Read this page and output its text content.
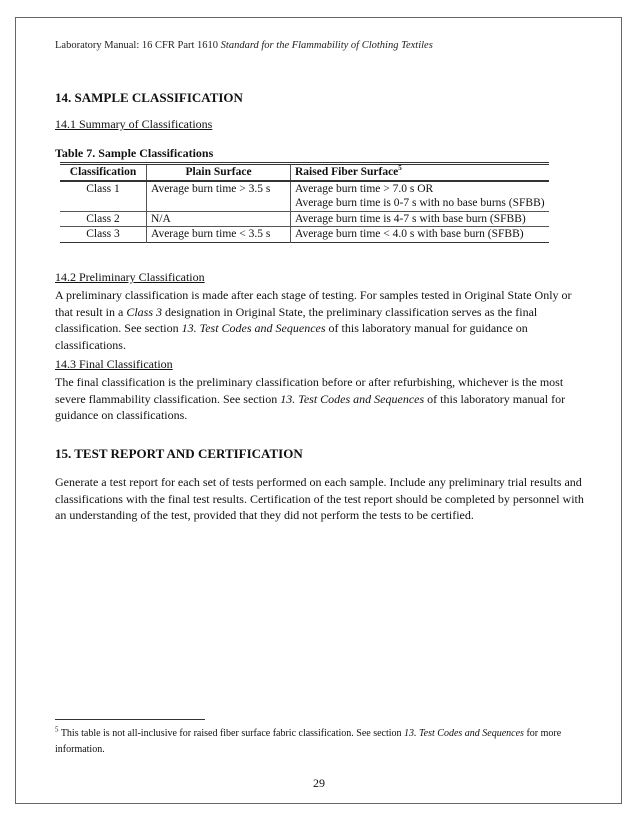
Laboratory Manual: 16 CFR Part 1610 Standard for the Flammability of Clothing Textiles
14. SAMPLE CLASSIFICATION
14.1 Summary of Classifications
Table 7. Sample Classifications
Classification	Plain Surface	Raised Fiber Surface$^5$
Class 1	Average burn time > 3.5 s	Average burn time > 7.0 s OR
Average burn time is 0-7 s with no base burns (SFBB)

Class 2	N/A	Average burn time is 4-7 s with base burn (SFBB)
Class 3	Average burn time < 3.5 s	Average burn time < 4.0 s with base burn (SFBB)
14.2 Preliminary Classification
A preliminary classification is made after each stage of testing. For samples tested in Original State Only or that result in a Class 3 designation in Original State, the preliminary classification serves as the final classification. See section 13. Test Codes and Sequences of this laboratory manual for guidance on classifications.
14.3 Final Classification
The final classification is the preliminary classification before or after refurbishing, whichever is the most severe flammability classification. See section 13. Test Codes and Sequences of this laboratory manual for guidance on classifications.
15. TEST REPORT AND CERTIFICATION
Generate a test report for each set of tests performed on each sample. Include any preliminary trial results and classifications with the final test results. Certification of the test report should be completed by personnel with an understanding of the test, provided that they did not perform the tests to be certified.
$^5$ This table is not all-inclusive for raised fiber surface fabric classification. See section 13. Test Codes and Sequences for more information.
29
